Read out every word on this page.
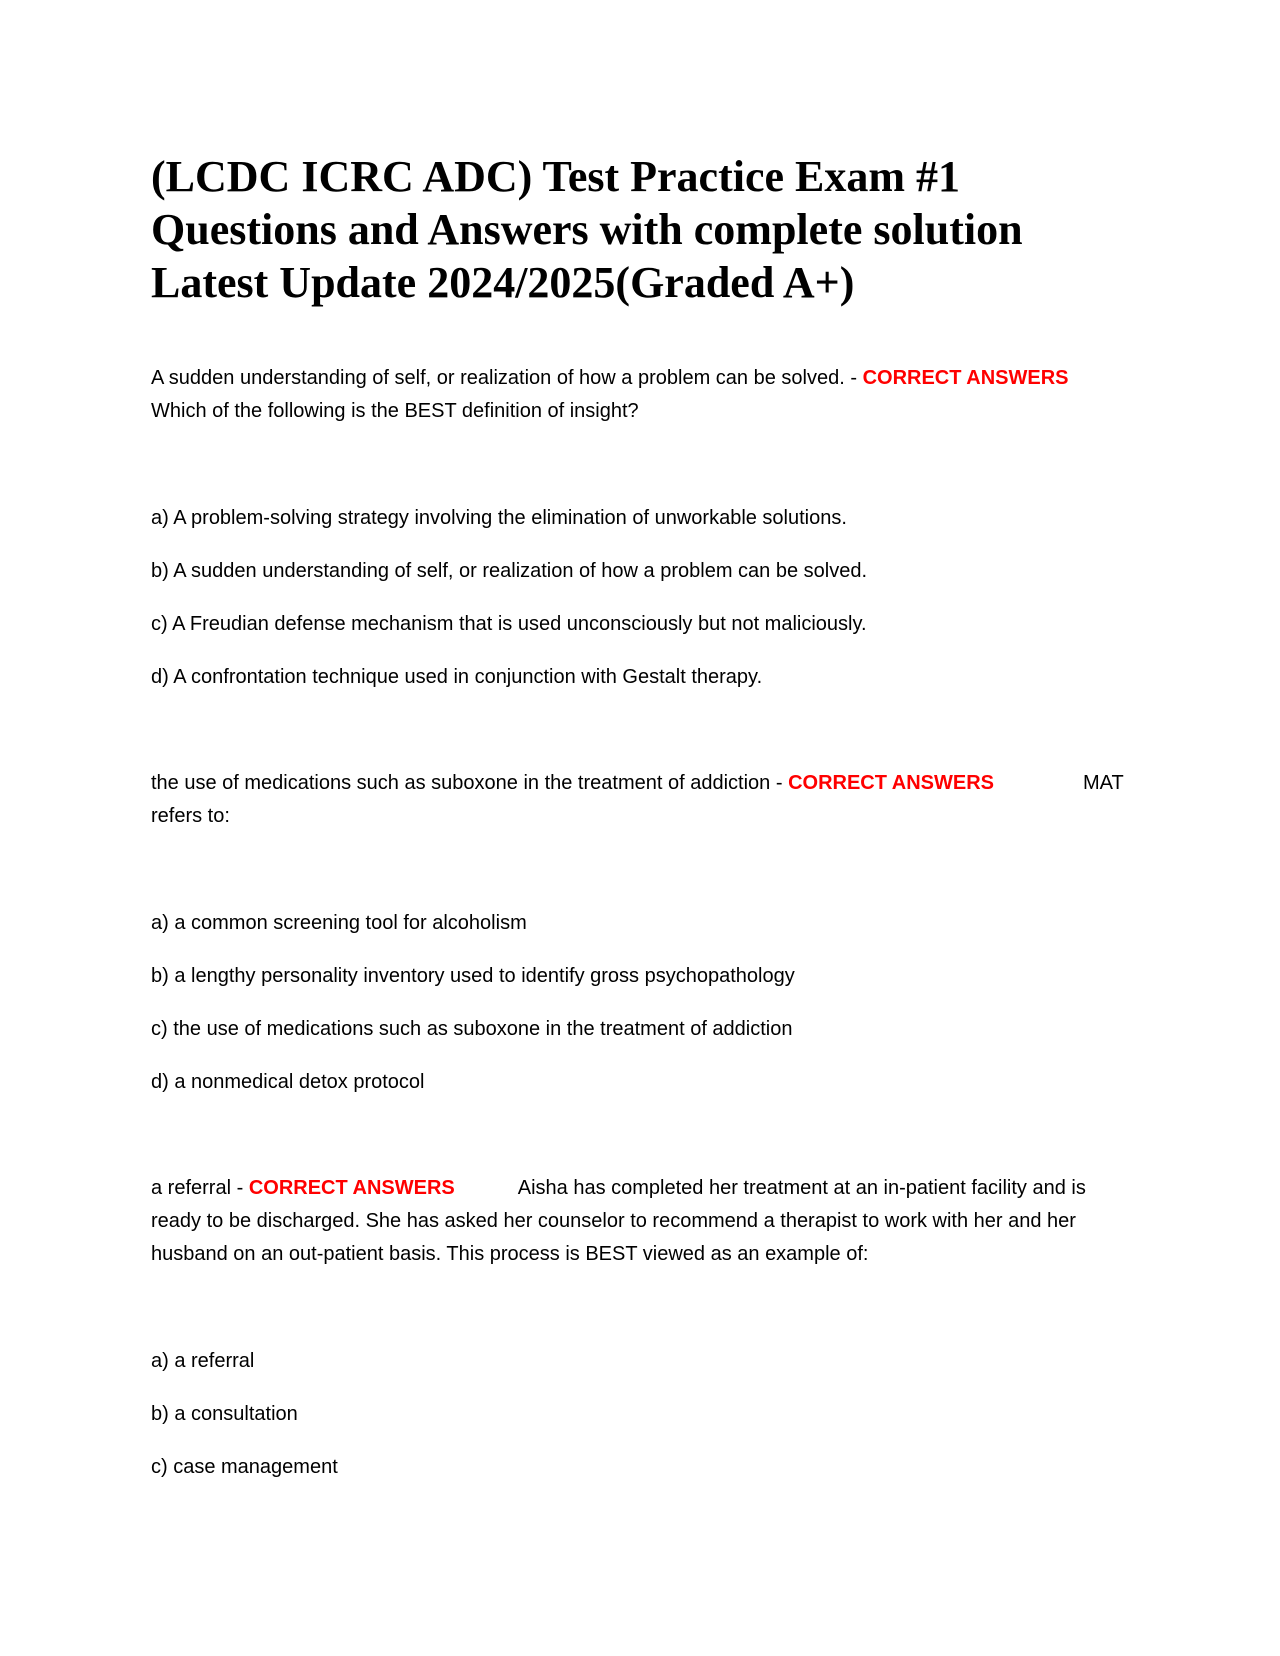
(LCDC ICRC ADC) Test Practice Exam #1
Questions and Answers with complete solution
Latest Update 2024/2025(Graded A+)

A sudden understanding of self, or realization of how a problem can be solved. - CORRECT ANSWERS

Which of the following is the BEST definition of insight?

a) A problem-solving strategy involving the elimination of unworkable solutions.

b) A sudden understanding of self, or realization of how a problem can be solved.

c) A Freudian defense mechanism that is used unconsciously but not maliciously.

d) A confrontation technique used in conjunction with Gestalt therapy.

the use of medications such as suboxone in the treatment of addiction - CORRECT ANSWERS	MAT

refers to:

a) a common screening tool for alcoholism

b) a lengthy personality inventory used to identify gross psychopathology

c) the use of medications such as suboxone in the treatment of addiction

d) a nonmedical detox protocol

a referral - CORRECT ANSWERS	Aisha has completed her treatment at an in-patient facility and is

ready to be discharged. She has asked her counselor to recommend a therapist to work with her and her

husband on an out-patient basis. This process is BEST viewed as an example of:

a) a referral

b) a consultation

c) case management
